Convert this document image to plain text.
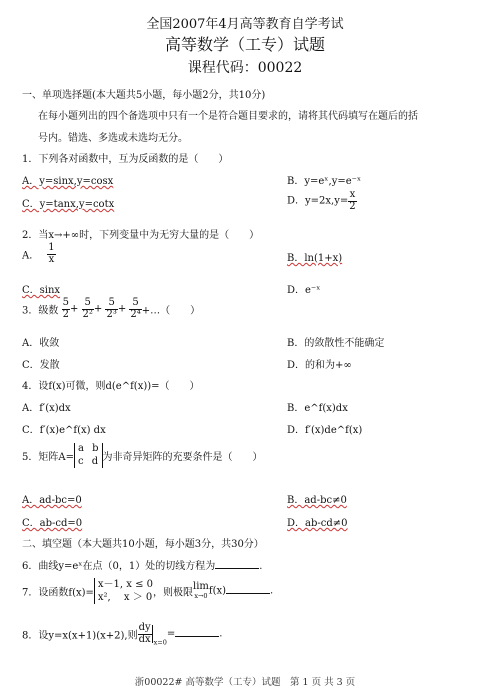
全国2007年4月高等教育自学考试
高等数学（工专）试题
课程代码：00022
一、单项选择题(本大题共5小题，每小题2分，共10分)
在每小题列出的四个备选项中只有一个是符合题目要求的，请将其代码填写在题后的括
号内。错选、多选或未选均无分。
1．下列各对函数中，互为反函数的是（　　）
A．y=sinx,y=cosx	B．y=eˣ,y=e⁻ˣ
C．y=tanx,y=cotx	D．$y=2x,y= \frac{x}{2}$
2．当x→+∞时，下列变量中为无穷大量的是（　　）
A． $\frac{1}{x}$	B．ln(1+x)
C．sinx	D．e⁻ˣ
3．级数 $\frac{5}{2} + \frac{5}{\text{2²}} + \frac{5}{\text{2³}} + \frac{5}{\text{2⁴}}$ +…（　　）
A．收敛	B．的敛散性不能确定
C．发散	D．的和为+∞
4．设f(x)可微，则d(e^f(x))=（　　）
A．f′(x)dx	B．e^f(x)dx
C．f′(x)e^f(x) dx	D．f′(x)de^f(x)
5．矩阵A=
a b
c d 为非奇异矩阵的充要条件是（　　）
A．ad-bc=0	B．ad-bc≠0
C．ab-cd=0	D．ab-cd≠0
二、填空题（本大题共10小题，每小题3分，共30分）
6．曲线y=eˣ在点（0，1）处的切线方程为	.
7．设函数f(x)=
x－1, x ≤ 0
x²,　 x ＞ 0 ，则极限
lim
x→0 f(x)	.
8．设y=x(x+1)(x+2),则 $\frac{dy}{dx} _{x=0}=$	.
浙00022# 高等数学（工专）试题　第 1 页 共 3 页
